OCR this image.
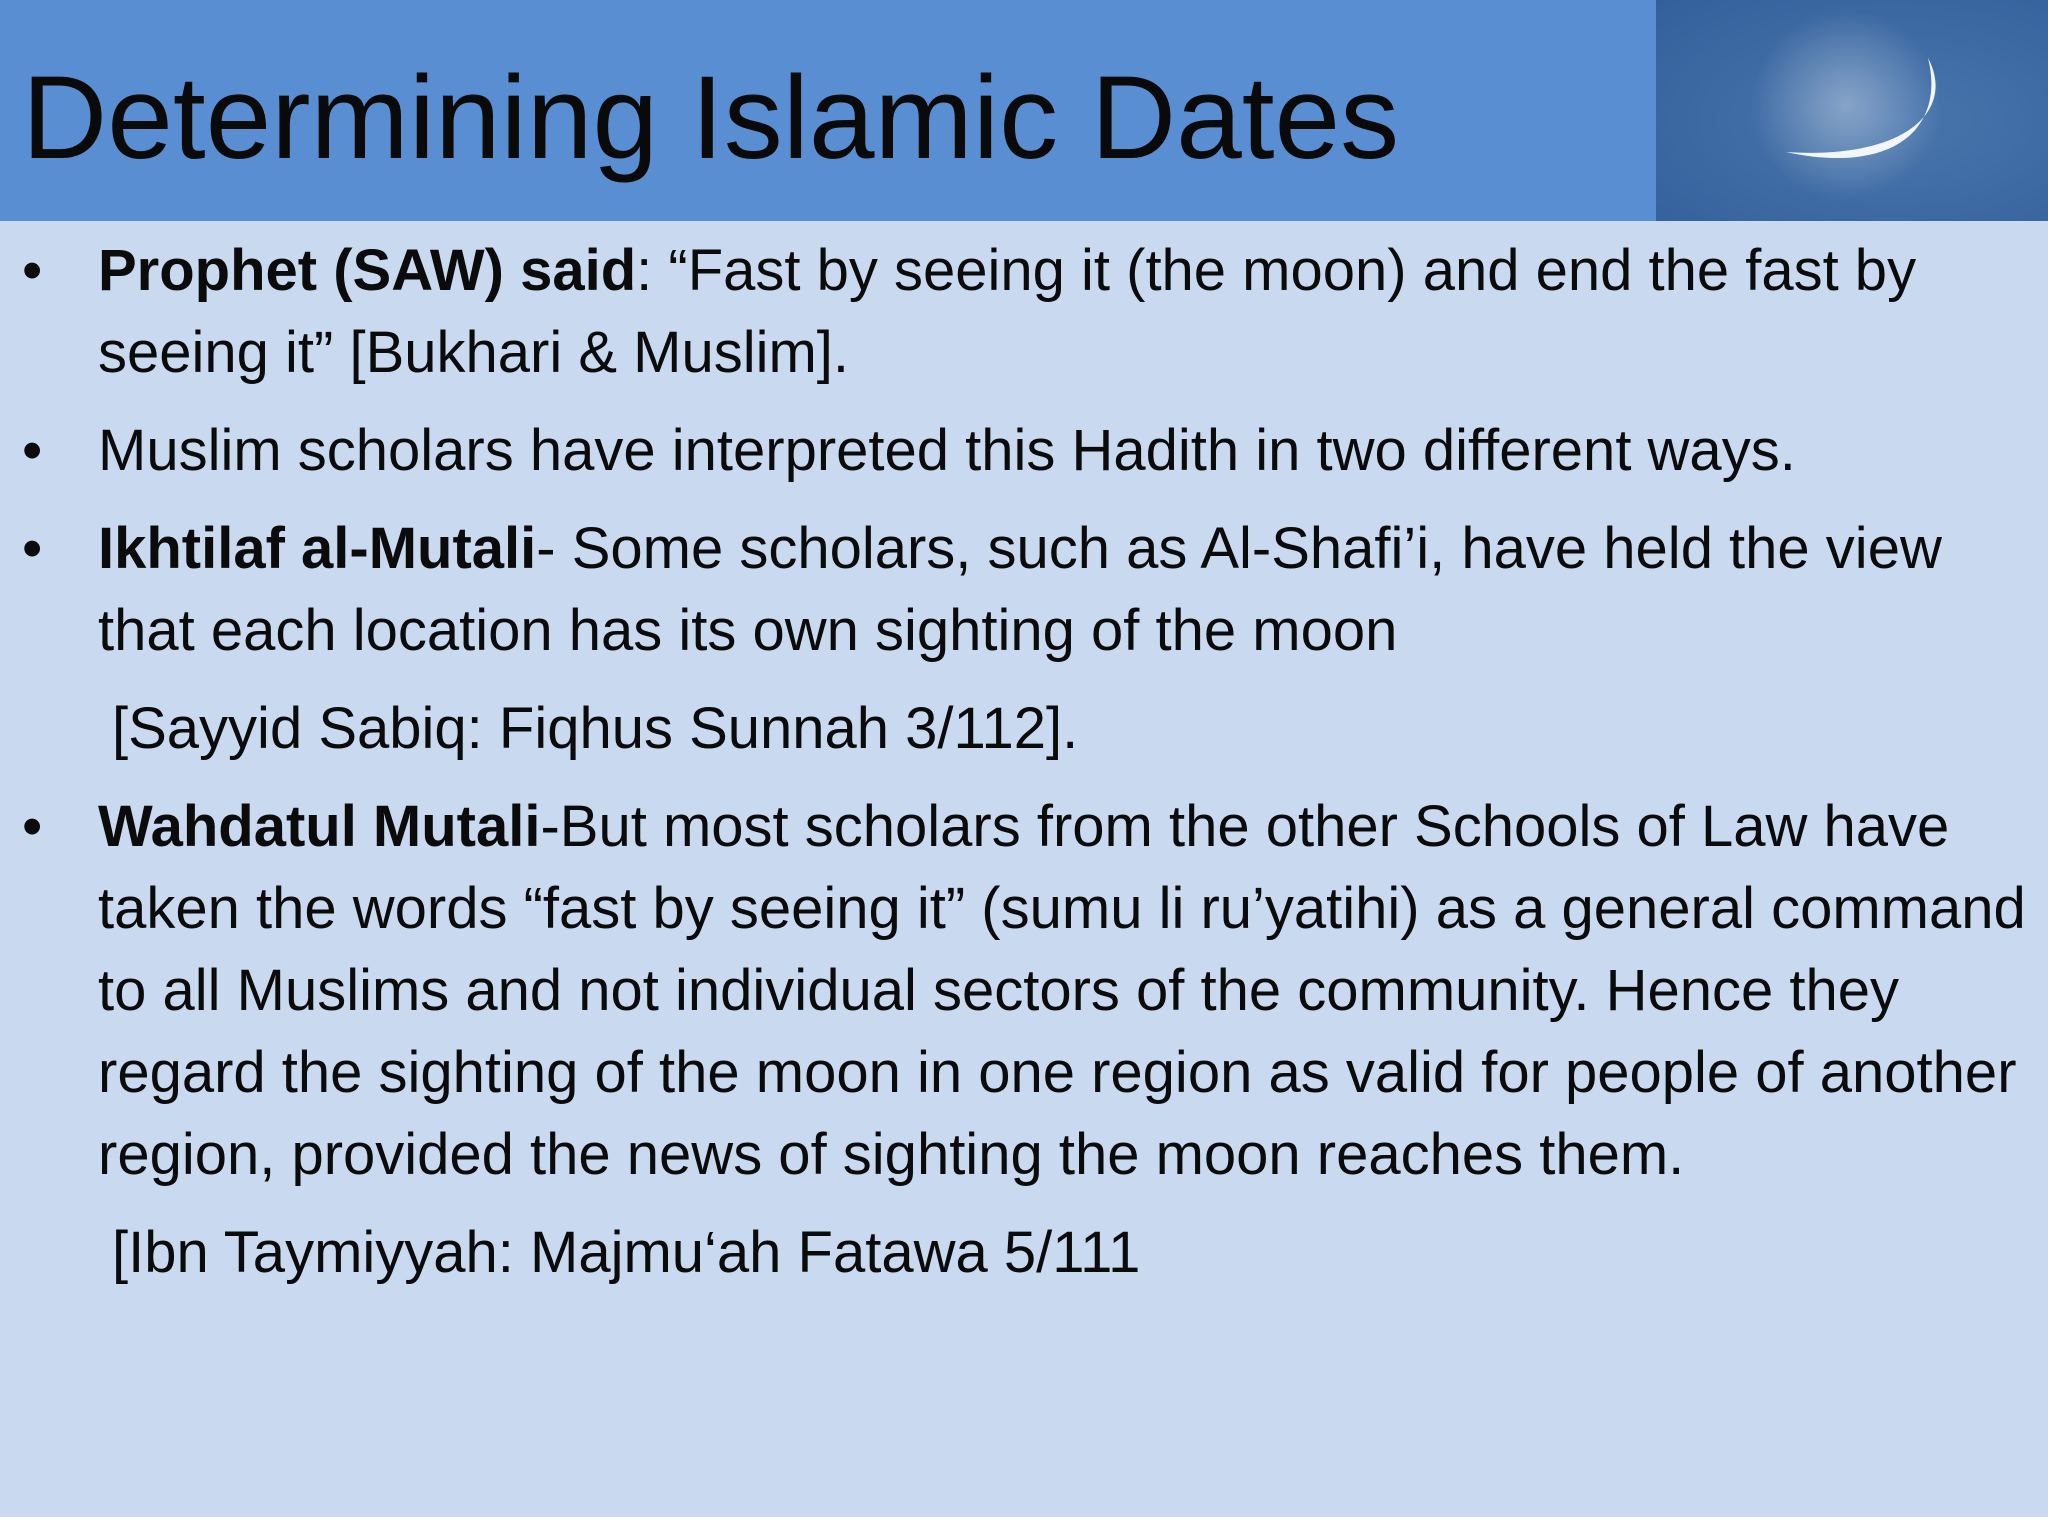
Determining Islamic Dates
• Prophet (SAW) said: “Fast by seeing it (the moon) and end the fast by seeing it” [Bukhari & Muslim].
• Muslim scholars have interpreted this Hadith in two different ways.
• Ikhtilaf al-Mutali- Some scholars, such as Al-Shafi’i, have held the view that each location has its own sighting of the moon
[Sayyid Sabiq: Fiqhus Sunnah 3/112].
• Wahdatul Mutali-But most scholars from the other Schools of Law have taken the words “fast by seeing it” (sumu li ru’yatihi) as a general command to all Muslims and not individual sectors of the community. Hence they regard the sighting of the moon in one region as valid for people of another region, provided the news of sighting the moon reaches them.
[Ibn Taymiyyah: Majmu‘ah Fatawa 5/111
